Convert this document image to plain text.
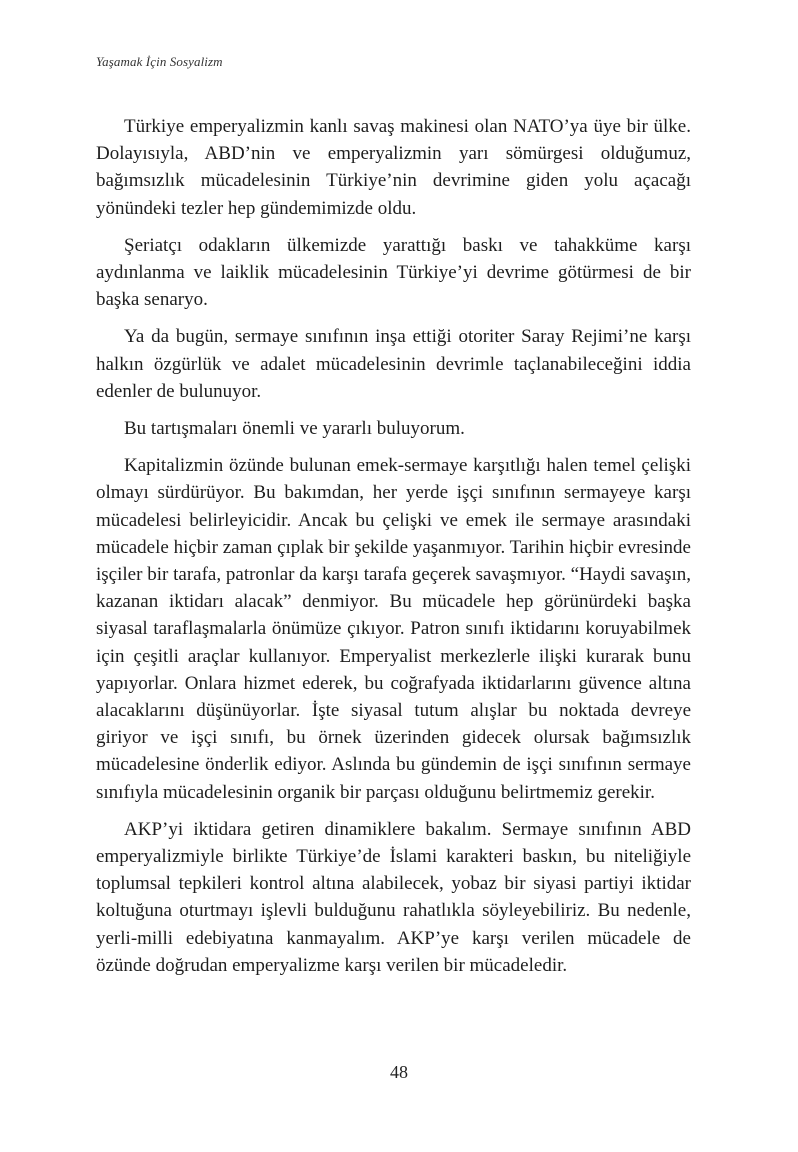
Yaşamak İçin Sosyalizm

Türkiye emperyalizmin kanlı savaş makinesi olan NATO’ya üye bir ülke. Dolayısıyla, ABD’nin ve emperyalizmin yarı sömürgesi olduğumuz, bağımsızlık mücadelesinin Türkiye’nin devrimine giden yolu açacağı yönündeki tezler hep gündemimizde oldu.

Şeriatçı odakların ülkemizde yarattığı baskı ve tahakküme karşı aydınlanma ve laiklik mücadelesinin Türkiye’yi devrime götürmesi de bir başka senaryo.

Ya da bugün, sermaye sınıfının inşa ettiği otoriter Saray Rejimi’ne karşı halkın özgürlük ve adalet mücadelesinin devrimle taçlanabileceğini iddia edenler de bulunuyor.

Bu tartışmaları önemli ve yararlı buluyorum.

Kapitalizmin özünde bulunan emek-sermaye karşıtlığı halen temel çelişki olmayı sürdürüyor. Bu bakımdan, her yerde işçi sınıfının sermayeye karşı mücadelesi belirleyicidir. Ancak bu çelişki ve emek ile sermaye arasındaki mücadele hiçbir zaman çıplak bir şekilde yaşanmıyor. Tarihin hiçbir evresinde işçiler bir tarafa, patronlar da karşı tarafa geçerek savaşmıyor. “Haydi savaşın, kazanan iktidarı alacak” denmiyor. Bu mücadele hep görünürdeki başka siyasal taraflaşmalarla önümüze çıkıyor. Patron sınıfı iktidarını koruyabilmek için çeşitli araçlar kullanıyor. Emperyalist merkezlerle ilişki kurarak bunu yapıyorlar. Onlara hizmet ederek, bu coğrafyada iktidarlarını güvence altına alacaklarını düşünüyorlar. İşte siyasal tutum alışlar bu noktada devreye giriyor ve işçi sınıfı, bu örnek üzerinden gidecek olursak bağımsızlık mücadelesine önderlik ediyor. Aslında bu gündemin de işçi sınıfının sermaye sınıfıyla mücadelesinin organik bir parçası olduğunu belirtmemiz gerekir.

AKP’yi iktidara getiren dinamiklere bakalım. Sermaye sınıfının ABD emperyalizmiyle birlikte Türkiye’de İslami karakteri baskın, bu niteliğiyle toplumsal tepkileri kontrol altına alabilecek, yobaz bir siyasi partiyi iktidar koltuğuna oturtmayı işlevli bulduğunu rahatlıkla söyleyebiliriz. Bu nedenle, yerli-milli edebiyatına kanmayalım. AKP’ye karşı verilen mücadele de özünde doğrudan emperyalizme karşı verilen bir mücadeledir.

48
